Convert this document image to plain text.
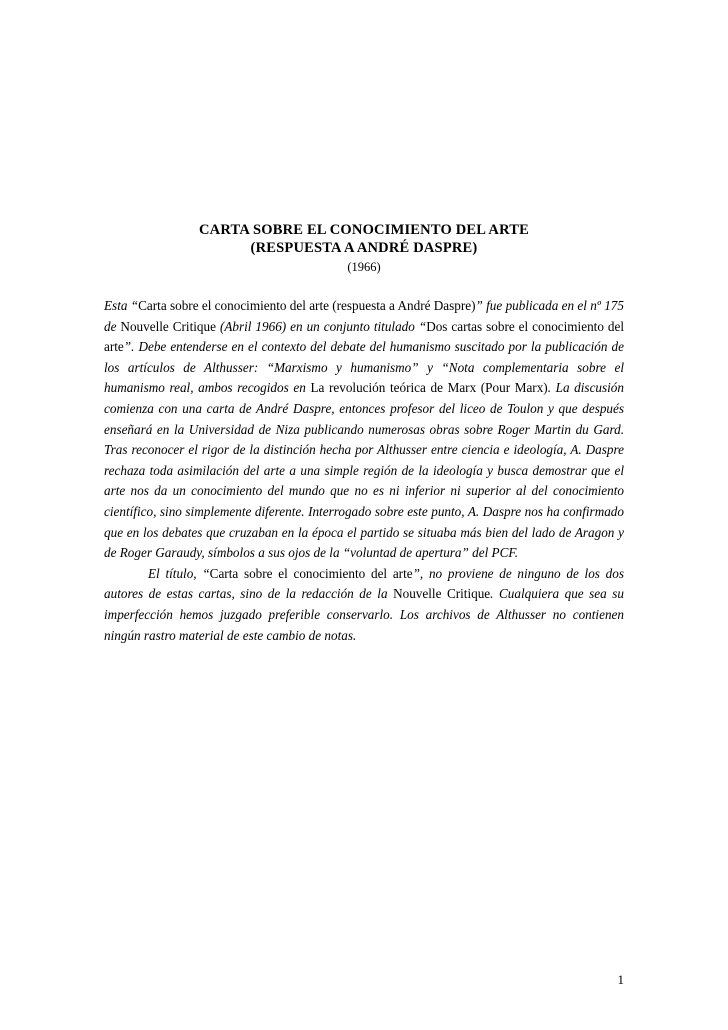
CARTA SOBRE EL CONOCIMIENTO DEL ARTE
(RESPUESTA A ANDRÉ DASPRE)
(1966)

Esta “Carta sobre el conocimiento del arte (respuesta a André Daspre)” fue publicada en el nº 175 de Nouvelle Critique (Abril 1966) en un conjunto titulado “Dos cartas sobre el conocimiento del arte”. Debe entenderse en el contexto del debate del humanismo suscitado por la publicación de los artículos de Althusser: “Marxismo y humanismo” y “Nota complementaria sobre el humanismo real, ambos recogidos en La revolución teórica de Marx (Pour Marx). La discusión comienza con una carta de André Daspre, entonces profesor del liceo de Toulon y que después enseñará en la Universidad de Niza publicando numerosas obras sobre Roger Martin du Gard. Tras reconocer el rigor de la distinción hecha por Althusser entre ciencia e ideología, A. Daspre rechaza toda asimilación del arte a una simple región de la ideología y busca demostrar que el arte nos da un conocimiento del mundo que no es ni inferior ni superior al del conocimiento científico, sino simplemente diferente. Interrogado sobre este punto, A. Daspre nos ha confirmado que en los debates que cruzaban en la época el partido se situaba más bien del lado de Aragon y de Roger Garaudy, símbolos a sus ojos de la “voluntad de apertura” del PCF.

El título, “Carta sobre el conocimiento del arte”, no proviene de ninguno de los dos autores de estas cartas, sino de la redacción de la Nouvelle Critique. Cualquiera que sea su imperfección hemos juzgado preferible conservarlo. Los archivos de Althusser no contienen ningún rastro material de este cambio de notas.

1
